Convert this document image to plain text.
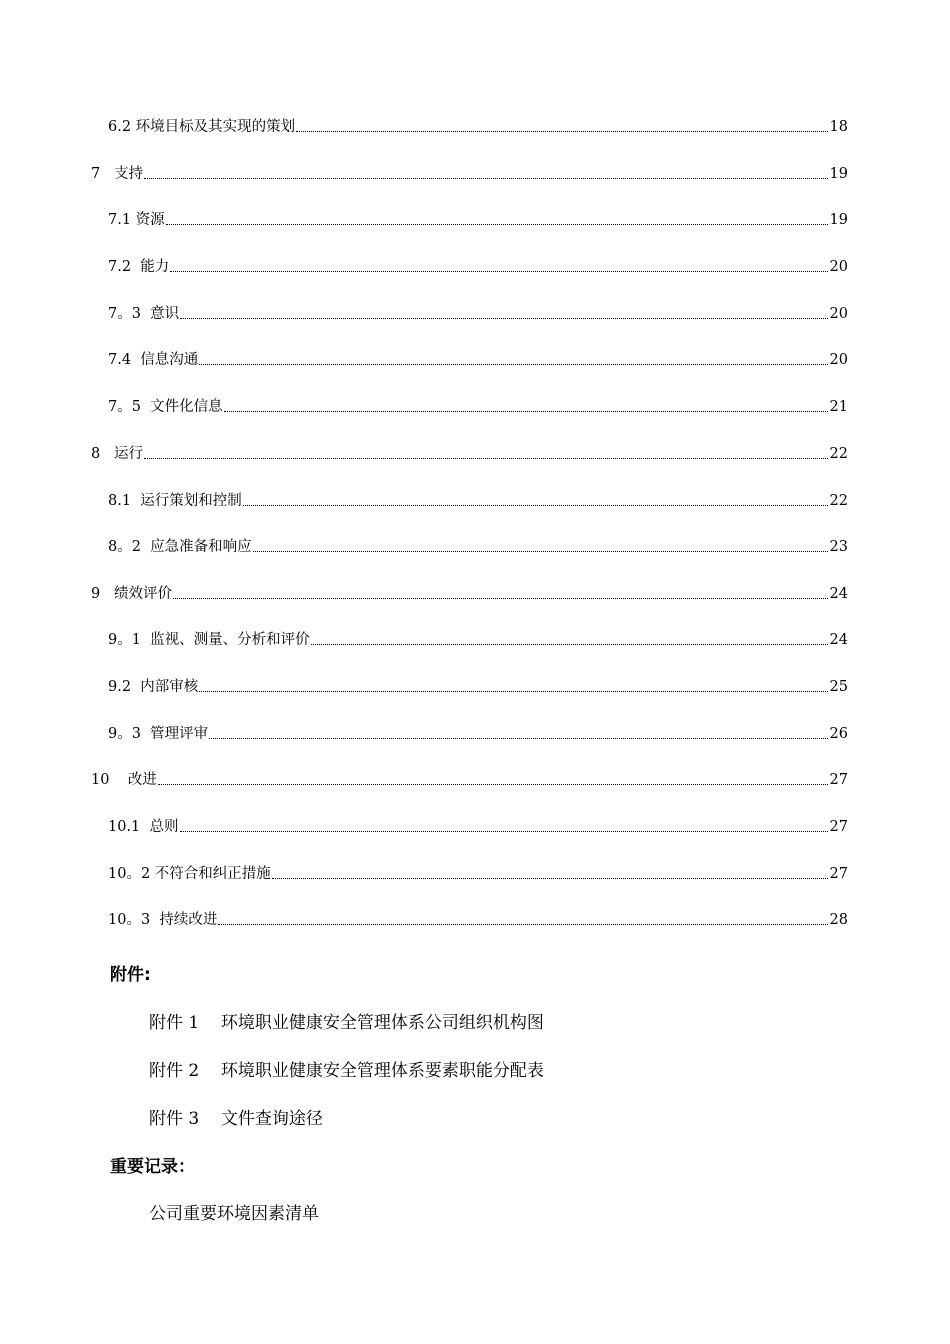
6.2 环境目标及其实现的策划	18
7   支持	19
7.1 资源	19
7.2  能力	20
7。3  意识	20
7.4  信息沟通	20
7。5  文件化信息	21
8   运行	22
8.1  运行策划和控制	22
8。2  应急准备和响应	23
9   绩效评价	24
9。1  监视、测量、分析和评价	24
9.2  内部审核	25
9。3  管理评审	26
10    改进	27
10.1  总则	27
10。2 不符合和纠正措施	27
10。3  持续改进	28
附件:
附件 1    环境职业健康安全管理体系公司组织机构图
附件 2    环境职业健康安全管理体系要素职能分配表
附件 3    文件查询途径
重要记录：
公司重要环境因素清单
